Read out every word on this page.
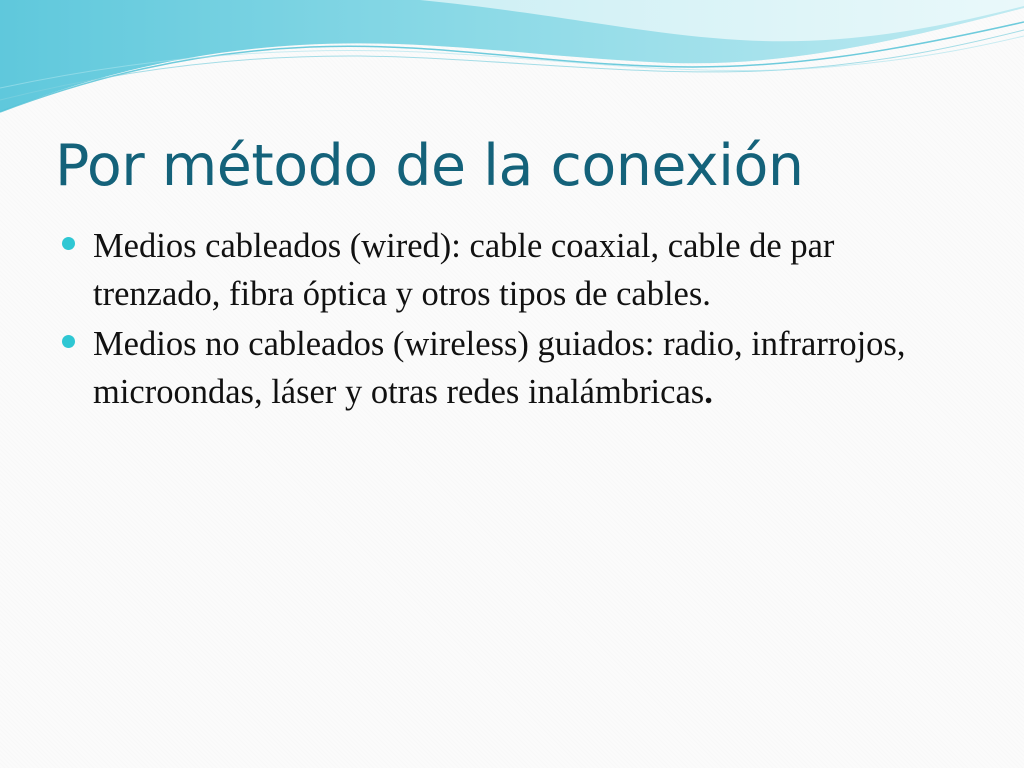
Por método de la conexión
Medios cableados (wired): cable coaxial, cable de par trenzado, fibra óptica y otros tipos de cables.
Medios no cableados (wireless) guiados: radio, infrarrojos, microondas, láser y otras redes inalámbricas.
